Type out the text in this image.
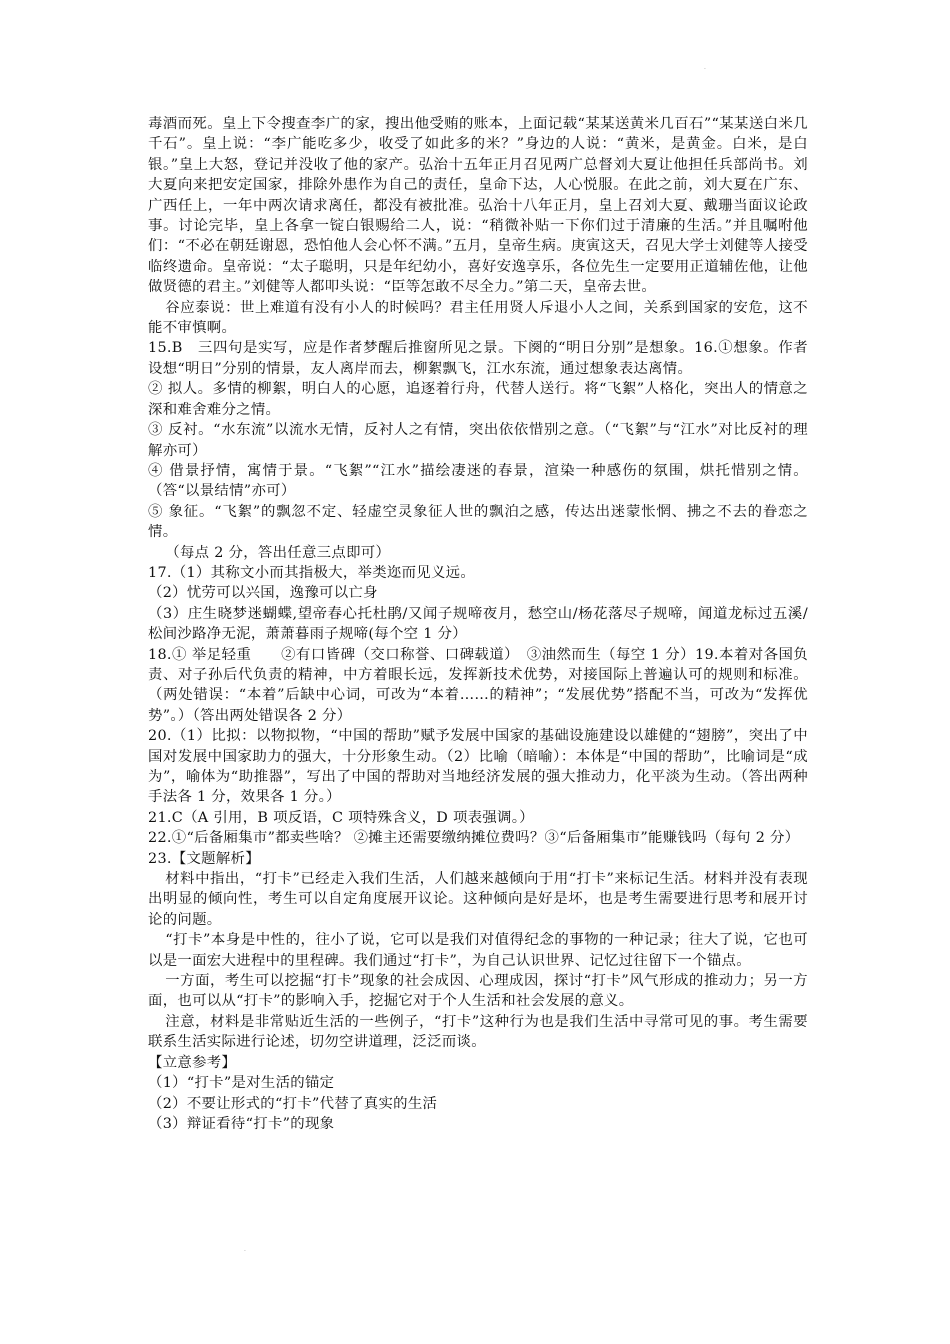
·
·

毒酒而死。皇上下令搜查李广的家，搜出他受贿的账本，上面记载“某某送黄米几百石”“某某送白米几千石”。皇上说：“李广能吃多少，收受了如此多的米？”身边的人说：“黄米，是黄金。白米，是白银。”皇上大怒，登记并没收了他的家产。弘治十五年正月召见两广总督刘大夏让他担任兵部尚书。刘大夏向来把安定国家，排除外患作为自己的责任，皇命下达，人心悦服。在此之前，刘大夏在广东、广西任上，一年中两次请求离任，都没有被批准。弘治十八年正月，皇上召刘大夏、戴珊当面议论政事。讨论完毕，皇上各拿一锭白银赐给二人，说：“稍微补贴一下你们过于清廉的生活。”并且嘱咐他们：“不必在朝廷谢恩，恐怕他人会心怀不满。”五月，皇帝生病。庚寅这天，召见大学士刘健等人接受临终遗命。皇帝说：“太子聪明，只是年纪幼小，喜好安逸享乐，各位先生一定要用正道辅佐他，让他做贤德的君主。”刘健等人都叩头说：“臣等怎敢不尽全力。”第二天，皇帝去世。

谷应泰说：世上难道有没有小人的时候吗？君主任用贤人斥退小人之间，关系到国家的安危，这不能不审慎啊。

15.B　三四句是实写，应是作者梦醒后推窗所见之景。下阕的“明日分别”是想象。16.①想象。作者设想“明日”分别的情景，友人离岸而去，柳絮飘飞，江水东流，通过想象表达离情。

② 拟人。多情的柳絮，明白人的心愿，追逐着行舟，代替人送行。将“飞絮”人格化，突出人的情意之深和难舍难分之情。

③ 反衬。“水东流”以流水无情，反衬人之有情，突出依依惜别之意。（“飞絮”与“江水”对比反衬的理解亦可）

④ 借景抒情，寓情于景。“飞絮”“江水”描绘凄迷的春景，渲染一种感伤的氛围，烘托惜别之情。（答“以景结情”亦可）

⑤ 象征。“飞絮”的飘忽不定、轻虚空灵象征人世的飘泊之感，传达出迷蒙怅惘、拂之不去的眷恋之情。

（每点 2 分，答出任意三点即可）

17.（1）其称文小而其指极大，举类迩而见义远。

（2）忧劳可以兴国，逸豫可以亡身

（3）庄生晓梦迷蝴蝶,望帝春心托杜鹃/又闻子规啼夜月，愁空山/杨花落尽子规啼，闻道龙标过五溪/松间沙路净无泥，萧萧暮雨子规啼(每个空 1 分）

18.① 举足轻重　　②有口皆碑（交口称誉、口碑载道）　③油然而生（每空 1 分）19.本着对各国负责、对子孙后代负责的精神，中方着眼长远，发挥新技术优势，对接国际上普遍认可的规则和标准。（两处错误：“本着”后缺中心词，可改为“本着……的精神”；“发展优势”搭配不当，可改为“发挥优势”。）（答出两处错误各 2 分）

20.（1）比拟：以物拟物，“中国的帮助”赋予发展中国家的基础设施建设以雄健的“翅膀”，突出了中国对发展中国家助力的强大，十分形象生动。（2）比喻（暗喻）：本体是“中国的帮助”，比喻词是“成为”，喻体为“助推器”，写出了中国的帮助对当地经济发展的强大推动力，化平淡为生动。（答出两种手法各 1 分，效果各 1 分。）

21.C（A 引用，B 项反语，C 项特殊含义，D 项表强调。）

22.①“后备厢集市”都卖些啥？ ②摊主还需要缴纳摊位费吗？③“后备厢集市”能赚钱吗（每句 2 分）

23.【文题解析】

材料中指出，“打卡”已经走入我们生活，人们越来越倾向于用“打卡”来标记生活。材料并没有表现出明显的倾向性，考生可以自定角度展开议论。这种倾向是好是坏，也是考生需要进行思考和展开讨论的问题。

“打卡”本身是中性的，往小了说，它可以是我们对值得纪念的事物的一种记录；往大了说，它也可以是一面宏大进程中的里程碑。我们通过“打卡”，为自己认识世界、记忆过往留下一个锚点。

一方面，考生可以挖掘“打卡”现象的社会成因、心理成因，探讨“打卡”风气形成的推动力；另一方面，也可以从“打卡”的影响入手，挖掘它对于个人生活和社会发展的意义。

注意，材料是非常贴近生活的一些例子，“打卡”这种行为也是我们生活中寻常可见的事。考生需要联系生活实际进行论述，切勿空讲道理，泛泛而谈。

【立意参考】

（1）“打卡”是对生活的锚定

（2）不要让形式的“打卡”代替了真实的生活

（3）辩证看待“打卡”的现象
